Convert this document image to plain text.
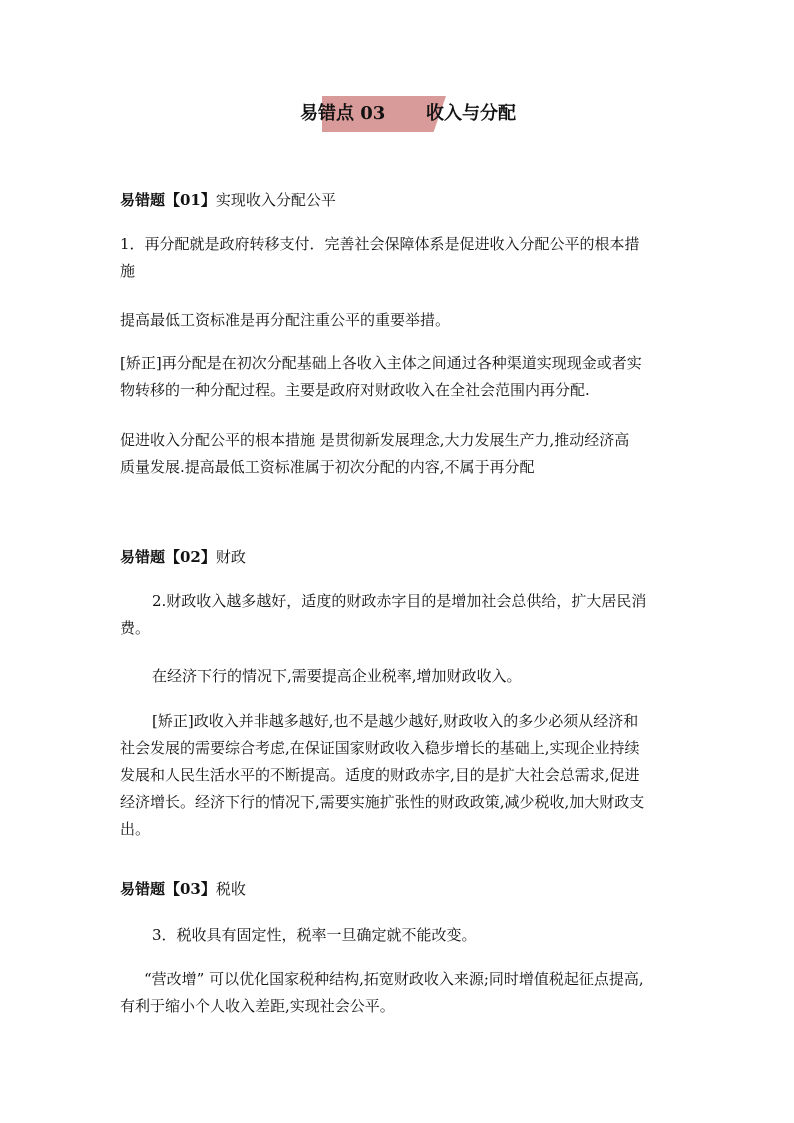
易错点 03 收入与分配
易错题【01】实现收入分配公平
1．再分配就是政府转移支付．完善社会保障体系是促进收入分配公平的根本措
施
提高最低工资标准是再分配注重公平的重要举措。
[矫正]再分配是在初次分配基础上各收入主体之间通过各种渠道实现现金或者实
物转移的一种分配过程。主要是政府对财政收入在全社会范围内再分配.
促进收入分配公平的根本措施 是贯彻新发展理念,大力发展生产力,推动经济高
质量发展.提高最低工资标准属于初次分配的内容,不属于再分配
易错题【02】财政
2.财政收入越多越好，适度的财政赤字目的是增加社会总供给，扩大居民消
费。
在经济下行的情况下,需要提高企业税率,增加财政收入。
[矫正]政收入并非越多越好,也不是越少越好,财政收入的多少必须从经济和
社会发展的需要综合考虑,在保证国家财政收入稳步增长的基础上,实现企业持续
发展和人民生活水平的不断提高。适度的财政赤字,目的是扩大社会总需求,促进
经济增长。经济下行的情况下,需要实施扩张性的财政政策,减少税收,加大财政支
出。
易错题【03】税收
3．税收具有固定性，税率一旦确定就不能改变。
“营改增” 可以优化国家税种结构,拓宽财政收入来源;同时增值税起征点提高,
有利于缩小个人收入差距,实现社会公平。
